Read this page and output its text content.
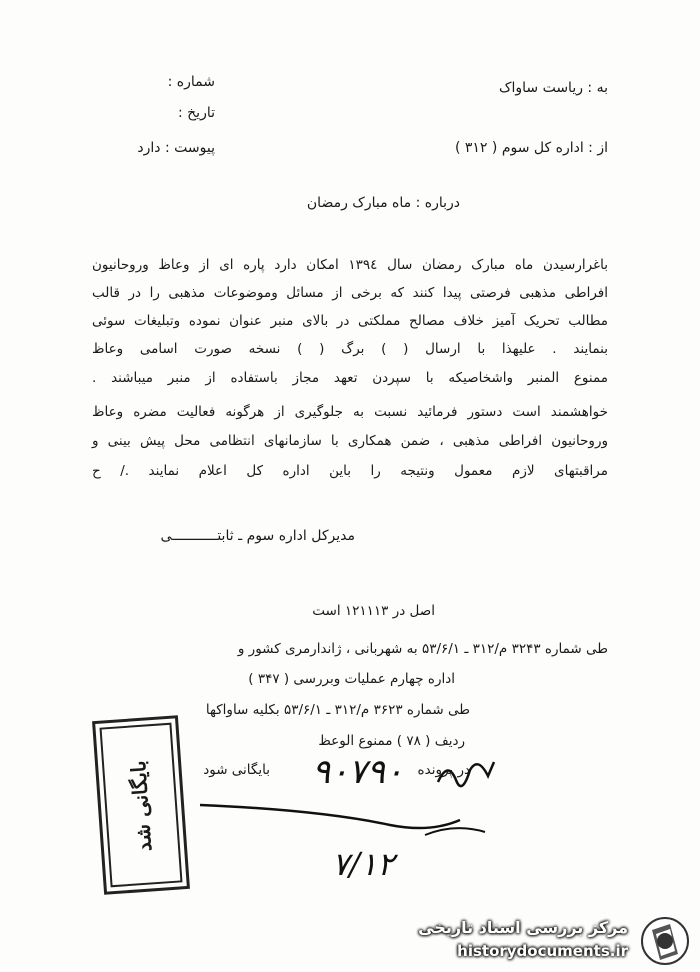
به : ریاست ساواک
شماره :
تاریخ :
از : اداره کل سوم ( ۳۱۲ )
پیوست : دارد
درباره : ماه مبارک رمضان
باغرارسیدن ماه مبارک رمضان سال ۱۳۹٤ امکان دارد پاره ای از وعاظ وروحانیون
افراطی مذهبی فرصتی پیدا کنند که برخی از مسائل وموضوعات مذهبی را در قالب
مطالب تحریک آمیز خلاف مصالح مملکتی در بالای منبر عنوان نموده وتبلیغات سوئی
بنمایند . علیهذا با ارسال ( ) برگ ( ) نسخه صورت اسامی وعاظ
ممنوع المنبر واشخاصیکه با سپردن تعهد مجاز باستفاده از منبر میباشند .
خواهشمند است دستور فرمائید نسبت به جلوگیری از هرگونه فعالیت مضره وعاظ
وروحانیون افراطی مذهبی ، ضمن همکاری با سازمانهای انتظامی محل پیش بینی و
مراقبتهای لازم معمول ونتیجه را باین اداره کل اعلام نمایند ./ ح
مدیرکل اداره سوم ـ ثابتـــــــــــی
اصل در ۱۲۱۱۱۳ است
طی شماره ۳۲۴۳ م/۳۱۲ ـ ۵۳/۶/۱ به شهربانی ، ژاندارمری کشور و
اداره چهارم عملیات وبررسی ( ۳۴۷ )
طی شماره ۳۶۲۳ م/۳۱۲ ـ ۵۳/۶/۱ بکلیه ساواکها
ردیف ( ۷۸ ) ممنوع الوعظ
در پرونده
بایگانی شود ۹۰۷۹۰
۷/۱۲
بایگانی شد
مرکز بررسی اسناد تاریخی
historydocuments.ir
